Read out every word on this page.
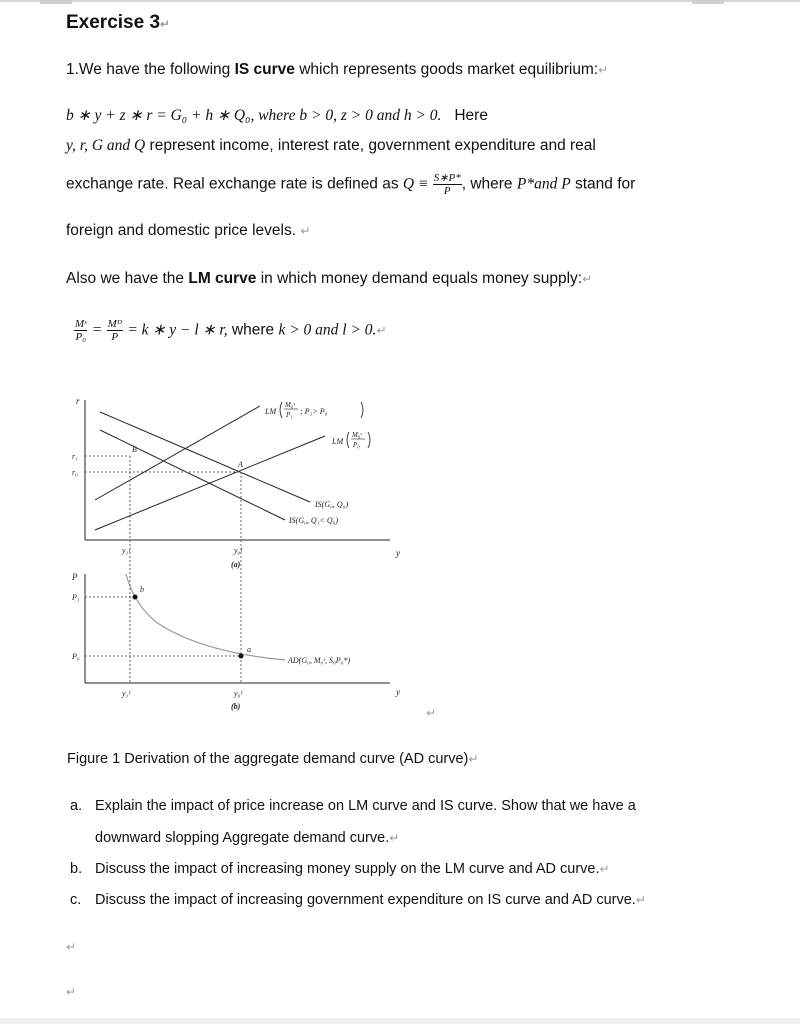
Exercise 3↵
1.We have the following IS curve which represents goods market equilibrium:↵
b ∗ y + z ∗ r = G₀ + h ∗ Q₀, where b > 0, z > 0 and h > 0. Here
y, r, G and Q represent income, interest rate, government expenditure and real
exchange rate. Real exchange rate is defined as $Q \equiv \frac{S∗P*}{P}$ , where P*and P stand for
foreign and domestic price levels. ↵
Also we have the LM curve in which money demand equals money supply:↵
$\frac{\text{Mˢ}}{\text{P₀}} = \frac{\text{Mᴰ}}{P} = k$ ∗ y − l ∗ r, where k > 0 and l > 0.↵
r
y
r₁
r₀
B
A
y₁ᶠ	y₀ᶠ
(a)
LM
M₀ˢ
P₁ ; P₁> P₀
LM
M₀ˢ
P₀
IS(G₀, Q₀)
IS(G₀, Q₁< Q₀)
P
y
P₁
P₀
b
a
AD(G₀, M₀ˢ, S₀P₀*)
y₁ᶠ	y₀ᶠ
(b)	↵
Figure 1 Derivation of the aggregate demand curve (AD curve)↵
a. Explain the impact of price increase on LM curve and IS curve. Show that we have a
downward slopping Aggregate demand curve.↵
b. Discuss the impact of increasing money supply on the LM curve and AD curve.↵
c. Discuss the impact of increasing government expenditure on IS curve and AD curve.↵
↵
↵
